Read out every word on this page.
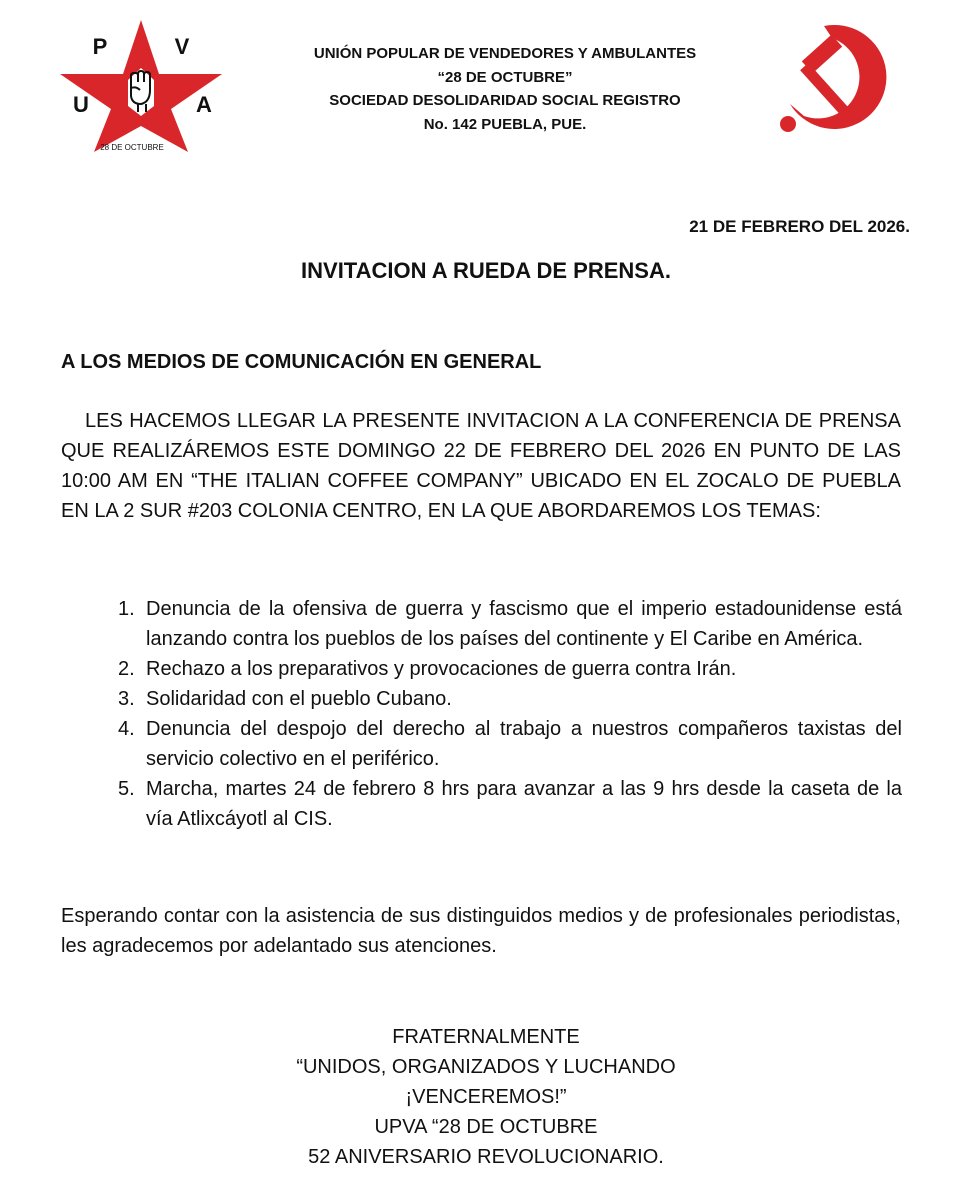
P	V
U	A
28 DE OCTUBRE
UNIÓN POPULAR DE VENDEDORES Y AMBULANTES
“28 DE OCTUBRE”
SOCIEDAD DESOLIDARIDAD SOCIAL REGISTRO
No. 142 PUEBLA, PUE.
21 DE FEBRERO DEL 2026.
INVITACION A RUEDA DE PRENSA.
A LOS MEDIOS DE COMUNICACIÓN EN GENERAL
LES HACEMOS LLEGAR LA PRESENTE INVITACION A LA CONFERENCIA DE PRENSA QUE REALIZÁREMOS ESTE DOMINGO 22 DE FEBRERO DEL 2026 EN PUNTO DE LAS 10:00 AM EN “THE ITALIAN COFFEE COMPANY” UBICADO EN EL ZOCALO DE PUEBLA EN LA 2 SUR #203 COLONIA CENTRO, EN LA QUE ABORDAREMOS LOS TEMAS:
1. Denuncia de la ofensiva de guerra y fascismo que el imperio estadounidense está lanzando contra los pueblos de los países del continente y El Caribe en América.
2. Rechazo a los preparativos y provocaciones de guerra contra Irán.
3. Solidaridad con el pueblo Cubano.
4. Denuncia del despojo del derecho al trabajo a nuestros compañeros taxistas del servicio colectivo en el periférico.
5. Marcha, martes 24 de febrero 8 hrs para avanzar a las 9 hrs desde la caseta de la vía Atlixcáyotl al CIS.
Esperando contar con la asistencia de sus distinguidos medios y de profesionales periodistas, les agradecemos por adelantado sus atenciones.
FRATERNALMENTE
“UNIDOS, ORGANIZADOS Y LUCHANDO
¡VENCEREMOS!”
UPVA “28 DE OCTUBRE
52 ANIVERSARIO REVOLUCIONARIO.
